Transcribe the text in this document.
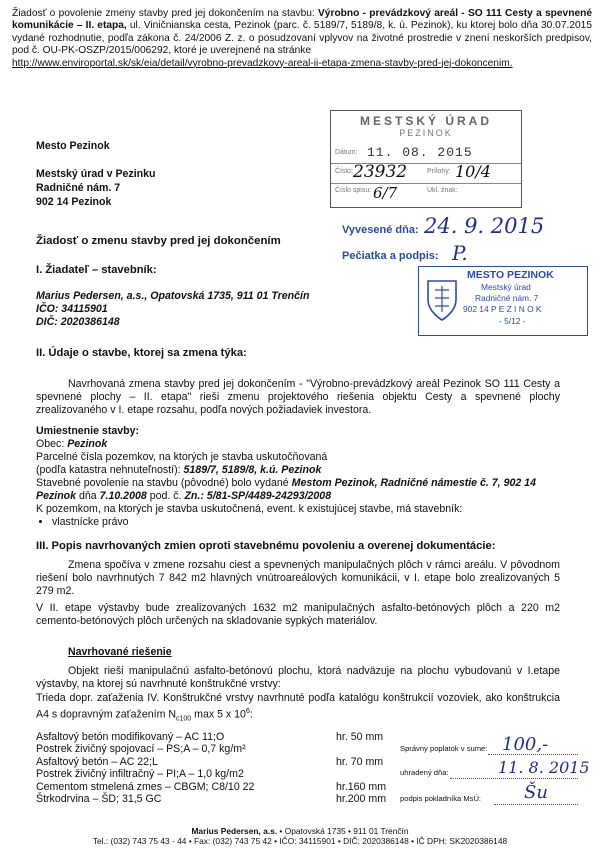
Žiadosť o povolenie zmeny stavby pred jej dokončením na stavbu: Výrobno - prevádzkový areál - SO 111 Cesty a spevnené komunikácie – II. etapa, ul. Viničnianska cesta, Pezinok (parc. č. 5189/7, 5189/8, k. ú. Pezinok), ku ktorej bolo dňa 30.07.2015 vydané rozhodnutie, podľa zákona č. 24/2006 Z. z. o posudzovaní vplyvov na životné prostredie v znení neskorších predpisov, pod č. OU-PK-OSZP/2015/006292, ktoré je uverejnené na stránke
http://www.enviroportal.sk/sk/eia/detail/vyrobno-prevadzkovy-areal-ii-etapa-zmena-stavby-pred-jej-dokoncenim.
Mesto Pezinok
Mestský úrad v Pezinku
Radničné nám. 7
902 14 Pezinok
MESTSKÝ ÚRAD
PEZINOK
Dátum: 11. 08. 2015
Číslo: 23932	Prílohy: 10/4
Číslo spisu: 6/7	Ukl. znak:
Vyvesené dňa: 24. 9. 2015
Pečiatka a podpis: P.
MESTO PEZINOK
Mestský úrad
Radničné nám. 7
902 14 P E Z I N O K
- 5/12 -
Žiadosť o zmenu stavby pred jej dokončením
I. Žiadateľ – stavebník:
Marius Pedersen, a.s., Opatovská 1735, 911 01 Trenčín
IČO: 34115901
DIČ: 2020386148
II. Údaje o stavbe, ktorej sa zmena týka:
Navrhovaná zmena stavby pred jej dokončením - "Výrobno-prevádzkový areál Pezinok SO 111 Cesty a spevnené plochy – II. etapa" rieši zmenu projektového riešenia objektu Cesty a spevnené plochy zrealizovaného v I. etape rozsahu, podľa nových požiadaviek investora.
Umiestnenie stavby:
Obec: Pezinok
Parcelné čísla pozemkov, na ktorých je stavba uskutočňovaná
(podľa katastra nehnuteľností): 5189/7, 5189/8, k.ú. Pezinok
Stavebné povolenie na stavbu (pôvodné) bolo vydané Mestom Pezinok, Radničné námestie č. 7, 902 14 Pezinok dňa 7.10.2008 pod. č. Zn.: 5/81-SP/4489-24293/2008
K pozemkom, na ktorých je stavba uskutočnená, event. k existujúcej stavbe, má stavebník:
• vlastnícke právo
III. Popis navrhovaných zmien oproti stavebnému povoleniu a overenej dokumentácie:
Zmena spočíva v zmene rozsahu ciest a spevnených manipulačných plôch v rámci areálu. V pôvodnom riešení bolo navrhnutých 7 842 m2 hlavných vnútroareálových komunikácii, v I. etape bolo zrealizovaných 5 279 m2.
V II. etape výstavby bude zrealizovaných 1632 m2 manipulačných asfalto-betónových plôch a 220 m2 cemento-betónových plôch určených na skladovanie sypkých materiálov.
Navrhované riešenie
Objekt rieši manipulačnú asfalto-betónovú plochu, ktorá nadväzuje na plochu vybudovanú v I.etape výstavby, na ktorej sú navrhnuté konštrukčné vrstvy:
Trieda dopr. zaťaženia IV. Konštrukčné vrstvy navrhnuté podľa katalógu konštrukcií vozoviek, ako konštrukcia A4 s dopravným zaťažením $N_{c100}$ max 5 x $10^6$:
Asfaltový betón modifikovaný – AC 11;O	hr. 50 mm
Postrek živičný spojovací – PS;A – 0,7 kg/m²	
Asfaltový betón – AC 22;L	hr. 70 mm
Postrek živičný infiltračný – PI;A – 1,0 kg/m2	
Cementom stmelená zmes – CBGM; C8/10 22	hr.160 mm
Štrkodrvina – ŠD; 31,5 GC	hr.200 mm
Správny poplatok v sume: 100,-
uhradený dňa:	11. 8. 2015
podpis pokladníka MsÚ: Šu
Marius Pedersen, a.s. • Opatovská 1735 • 911 01 Trenčín
Tel.: (032) 743 75 43 - 44 • Fax: (032) 743 75 42 • IČO: 34115901 • DIČ: 2020386148 • IČ DPH: SK2020386148
